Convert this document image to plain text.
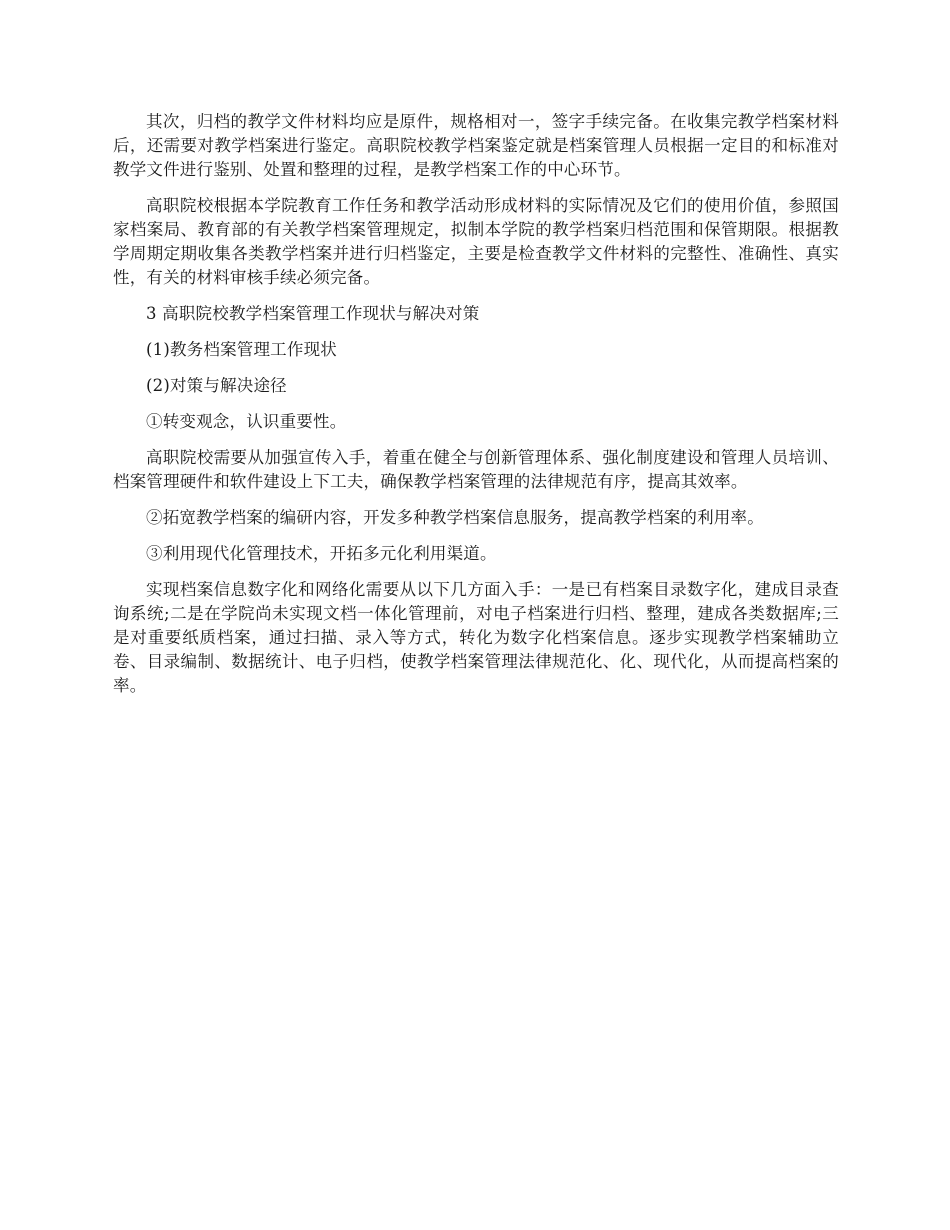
其次，归档的教学文件材料均应是原件，规格相对一，签字手续完备。在收集完教学档案材料后，还需要对教学档案进行鉴定。高职院校教学档案鉴定就是档案管理人员根据一定目的和标准对教学文件进行鉴别、处置和整理的过程，是教学档案工作的中心环节。

高职院校根据本学院教育工作任务和教学活动形成材料的实际情况及它们的使用价值，参照国家档案局、教育部的有关教学档案管理规定，拟制本学院的教学档案归档范围和保管期限。根据教学周期定期收集各类教学档案并进行归档鉴定，主要是检查教学文件材料的完整性、准确性、真实性，有关的材料审核手续必须完备。

3 高职院校教学档案管理工作现状与解决对策

(1)教务档案管理工作现状

(2)对策与解决途径

①转变观念，认识重要性。

高职院校需要从加强宣传入手，着重在健全与创新管理体系、强化制度建设和管理人员培训、档案管理硬件和软件建设上下工夫，确保教学档案管理的法律规范有序，提高其效率。

②拓宽教学档案的编研内容，开发多种教学档案信息服务，提高教学档案的利用率。

③利用现代化管理技术，开拓多元化利用渠道。

实现档案信息数字化和网络化需要从以下几方面入手：一是已有档案目录数字化，建成目录查询系统;二是在学院尚未实现文档一体化管理前，对电子档案进行归档、整理，建成各类数据库;三是对重要纸质档案，通过扫描、录入等方式，转化为数字化档案信息。逐步实现教学档案辅助立卷、目录编制、数据统计、电子归档，使教学档案管理法律规范化、化、现代化，从而提高档案的率。
